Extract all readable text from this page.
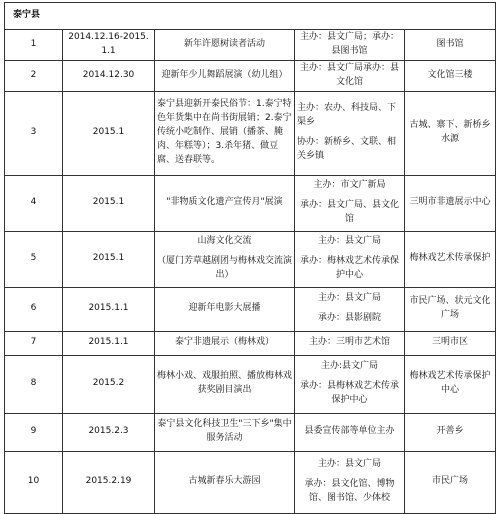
泰宁县				
1	2014.12.16-2015.1.1	新年许愿树读者活动	主办：县文广局；承办：县图书馆	图书馆
2	2014.12.30	迎新年少儿舞蹈展演（幼儿组）	主办：县文广局承办：县文化馆	文化馆三楼
3	2015.1	泰宁县迎新开泰民俗节：1.泰宁特色年货集中在尚书街展销；2.泰宁传统小吃制作、展销（播茶、腌肉、年糕等）；3.杀年猪、做豆腐、送春联等。	主办：农办、科技局、下渠乡
协办：新桥乡、文联、相关乡镇	古城、寨下、新桥乡水源
4	2015.1	"非物质文化遗产宣传月"展演	主办：市文广新局
承办：县文广局、县文化馆	三明市非遗展示中心
5	2015.1	山海文化交流
（厦门芳草越剧团与梅林戏交流演出）	主办：县文广局
承办：梅林戏艺术传承保护中心	梅林戏艺术传承保护
6	2015.1.1	迎新年电影大展播	主办：县文广局
承办：县影剧院	市民广场、状元文化广场
7	2015.1.1	泰宁非遗展示（梅林戏）	主办：三明市艺术馆	三明市区
8	2015.2	梅林小戏、戏服拍照、播放梅林戏获奖剧目演出	主办:县文广局
承办：县梅林戏艺术传承保护中心	梅林戏艺术传承保护中心
9	2015.2.3	泰宁县文化科技卫生"三下乡"集中服务活动	县委宣传部等单位主办	开善乡
10	2015.2.19	古城新春乐大游园	主办：县文广局
承办：县文化馆、博物馆、图书馆、少体校	市民广场
